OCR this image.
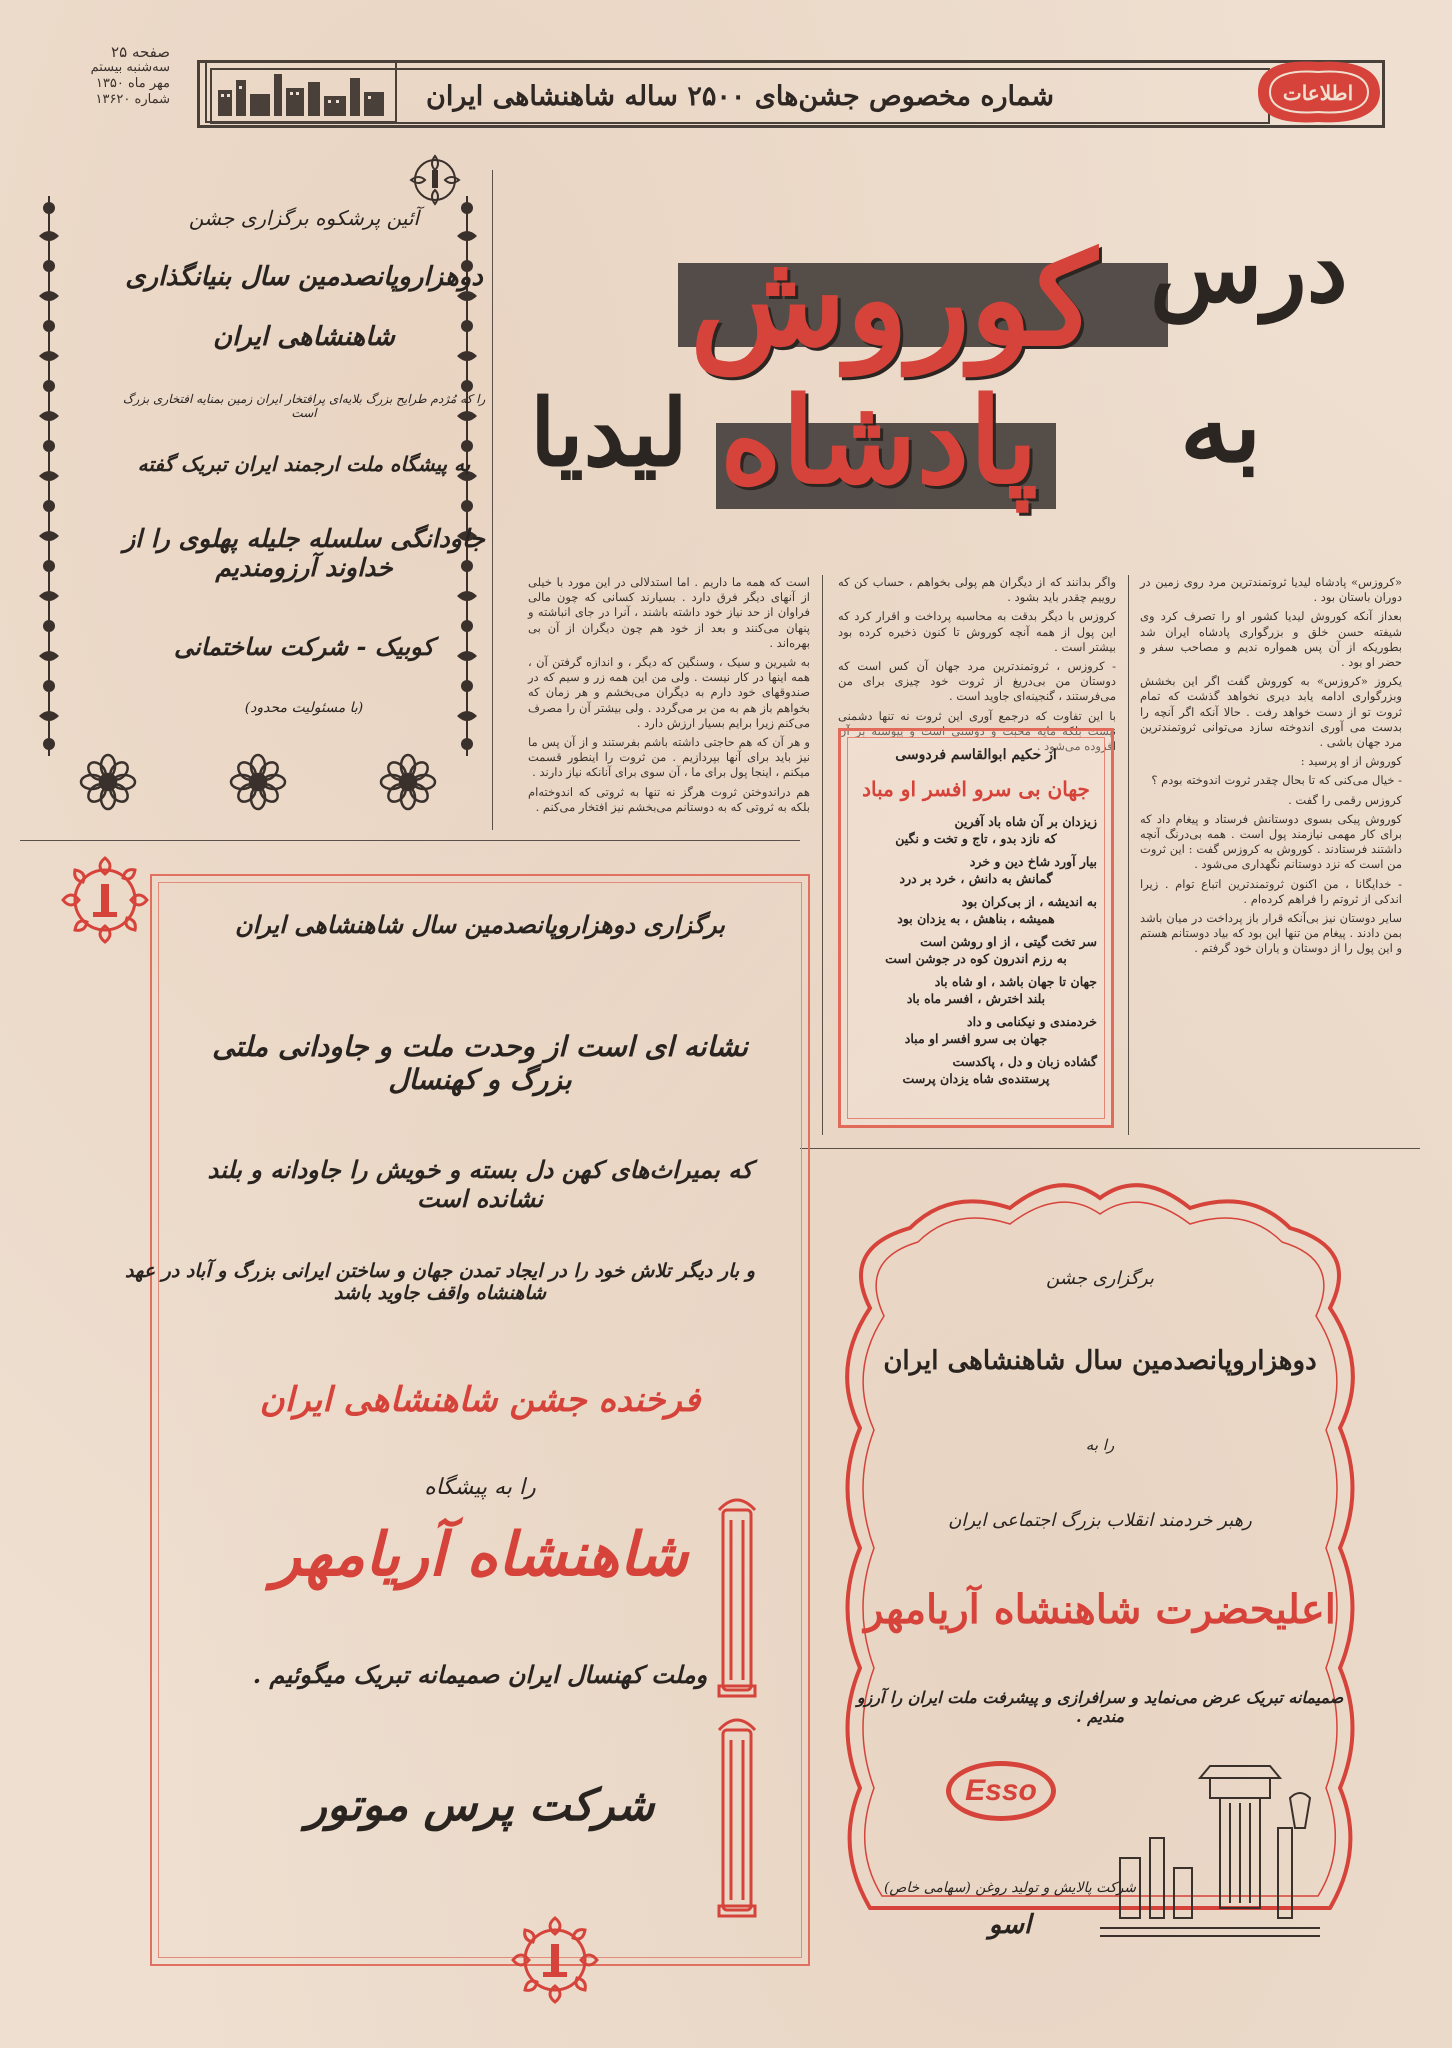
صفحه ۲۵
سه‌شنبه بیستم
مهر ماه ۱۳۵۰
شماره ۱۳۶۲۰	شماره مخصوص جشن‌های ۲۵۰۰ ساله شاهنشاهی ایران	اطلاعات
آئین پرشکوه برگزاری جشن
دوهزاروپانصدمین سال بنیانگذاری
شاهنشاهی ایران
را که مُژدم طرایح بزرگ بلایه‌ای پرافتخار ایران زمین بمنایه افتخاری بزرگ است
به پیشگاه ملت ارجمند ایران تبریک گفته
جاودانگی سلسله جلیله پهلوی را از خداوند آرزومندیم
کوبیک - شرکت ساختمانی
(با مسئولیت محدود)
درس
کوروش
به
پادشاه
لیدیا

«کروزس» پادشاه لیدیا ثروتمندترین مرد روی زمین در دوران باستان بود .

بعداز آنکه کوروش لیدیا کشور او را تصرف کرد وی شیفته حسن خلق و بزرگواری پادشاه ایران شد بطوریکه از آن پس همواره ندیم و مصاحب سفر و حضر او بود .

یکروز «کروزس» به کوروش گفت اگر این بخشش وبزرگواری ادامه یابد دیری نخواهد گذشت که تمام ثروت تو از دست خواهد رفت . حالا آنکه اگر آنچه را بدست می آوری اندوخته سازد می‌توانی ثروتمندترین مرد جهان باشی .

کوروش از او پرسید :

- خیال می‌کنی که تا بحال چقدر ثروت اندوخته بودم ؟

کروزس رقمی را گفت .

کوروش پیکی بسوی دوستانش فرستاد و پیغام داد که برای کار مهمی نیازمند پول است . همه بی‌درنگ آنچه داشتند فرستادند . کوروش به کروزس گفت : این ثروت من است که نزد دوستانم نگهداری می‌شود .

- خدایگانا ، من اکنون ثروتمندترین اتباع توام . زیرا اندکی از ثروتم را فراهم کرده‌ام .

سایر دوستان نیز بی‌آنکه قرار باز پرداخت در میان باشد بمن دادند . پیغام من تنها این بود که بیاد دوستانم هستم و این پول را از دوستان و یاران خود گرفتم .

واگر بدانند که از دیگران هم پولی بخواهم ، حساب کن که روییم چقدر باید بشود .

کروزس با دیگر بدقت به محاسبه پرداخت و اقرار کرد که این پول از همه آنچه کوروش تا کنون ذخیره کرده بود بیشتر است .

- کروزس ، ثروتمندترین مرد جهان آن کس است که دوستان من بی‌دریغ از ثروت خود چیزی برای من می‌فرستند ، گنجینه‌ای جاوید است .

با این تفاوت که درجمع آوری این ثروت نه تنها دشمنی نیست بلکه مایه محبت و دوستی است و پیوسته بر آن افزوده می‌شود .

است که همه ما داریم . اما استدلالی در این مورد با خیلی از آنهای دیگر فرق دارد . بسیارند کسانی که چون مالی فراوان از حد نیاز خود داشته باشند ، آنرا در جای انباشته و پنهان می‌کنند و بعد از خود هم چون دیگران از آن بی بهره‌اند .

به شیرین و سیک ، وسنگین که دیگر ، و اندازه گرفتن آن ، همه اینها در کار نیست . ولی من این همه زر و سیم که در صندوقهای خود دارم به دیگران می‌بخشم و هر زمان که بخواهم باز هم به من بر می‌گردد . ولی بیشتر آن را مصرف می‌کنم زیرا برایم بسیار ارزش دارد .

و هر آن که هم حاجتی داشته باشم بفرستند و از آن پس ما نیز باید برای آنها بپردازیم . من ثروت را اینطور قسمت میکنم ، اینجا پول برای ما ، آن سوی برای آنانکه نیاز دارند .

هم دراندوختن ثروت هرگز نه تنها به ثروتی که اندوخته‌ام بلکه به ثروتی که به دوستانم می‌بخشم نیز افتخار می‌کنم .

از حکیم ابوالقاسم فردوسی
جهان بی سرو افسر او مباد
زیزدان بر آن شاه باد آفرین
که نازد بدو ، تاج و تخت و نگین
بیار آورد شاخ دین و خرد
گمانش به دانش ، خرد بر درد
به اندیشه ، از بی‌کران بود
همیشه ، بناهش ، به یزدان بود
سر تخت گیتی ، از او روشن است
به رزم اندرون کوه در جوشن است
جهان تا جهان باشد ، او شاه باد
بلند اخترش ، افسر ماه باد
خردمندی و نیکنامی و داد
جهان بی سرو افسر او مباد
گشاده زبان و دل ، پاکدست
پرستنده‌ی شاه یزدان پرست
برگزاری دوهزاروپانصدمین سال شاهنشاهی ایران
نشانه ای است از وحدت ملت و جاودانی ملتی بزرگ و کهنسال
که بمیراث‌های کهن دل بسته و خویش را جاودانه و بلند نشانده است
و بار دیگر تلاش خود را در ایجاد تمدن جهان و ساختن ایرانی بزرگ و آباد در عهد شاهنشاه واقف جاوید باشد
فرخنده جشن شاهنشاهی ایران
را به پیشگاه
شاهنشاه آریامهر
وملت کهنسال ایران صمیمانه تبریک میگوئیم .
شرکت پرس موتور
برگزاری جشن
دوهزاروپانصدمین سال شاهنشاهی ایران
را به
رهبر خردمند انقلاب بزرگ اجتماعی ایران
اعلیحضرت شاهنشاه آریامهر
صمیمانه تبریک عرض می‌نماید و سرافرازی و پیشرفت ملت ایران را آرزو مندیم .
Esso
شرکت پالایش و تولید روغن (سهامی خاص)
اسو
